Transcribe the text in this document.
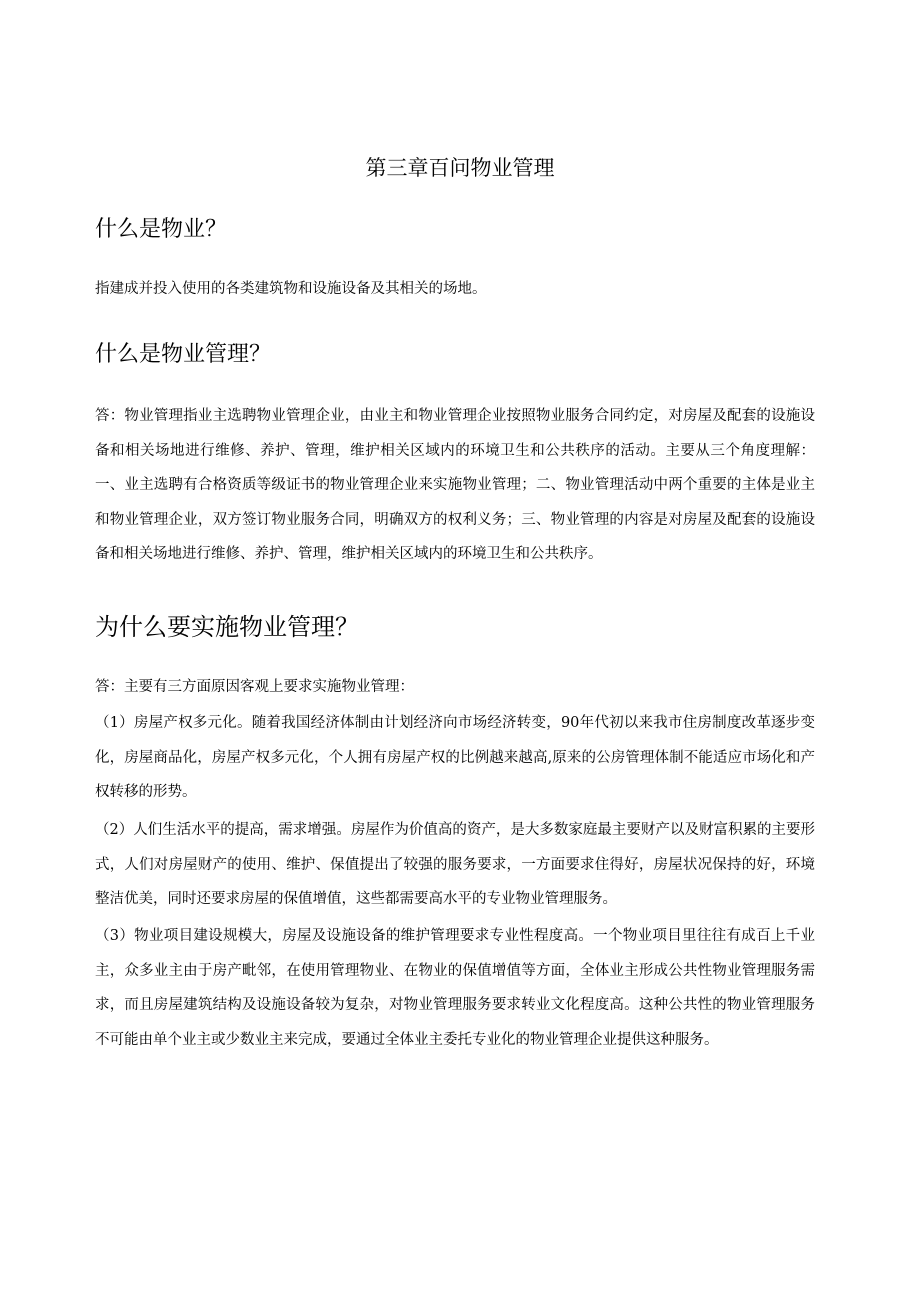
第三章百问物业管理
什么是物业？

指建成并投入使用的各类建筑物和设施设备及其相关的场地。

什么是物业管理？

答：物业管理指业主选聘物业管理企业，由业主和物业管理企业按照物业服务合同约定，对房屋及配套的设施设备和相关场地进行维修、养护、管理，维护相关区域内的环境卫生和公共秩序的活动。主要从三个角度理解：一、业主选聘有合格资质等级证书的物业管理企业来实施物业管理；二、物业管理活动中两个重要的主体是业主和物业管理企业，双方签订物业服务合同，明确双方的权利义务；三、物业管理的内容是对房屋及配套的设施设备和相关场地进行维修、养护、管理，维护相关区域内的环境卫生和公共秩序。

为什么要实施物业管理？

答：主要有三方面原因客观上要求实施物业管理：

（1）房屋产权多元化。随着我国经济体制由计划经济向市场经济转变，90年代初以来我市住房制度改革逐步变化，房屋商品化，房屋产权多元化，个人拥有房屋产权的比例越来越高,原来的公房管理体制不能适应市场化和产权转移的形势。

（2）人们生活水平的提高，需求增强。房屋作为价值高的资产，是大多数家庭最主要财产以及财富积累的主要形式，人们对房屋财产的使用、维护、保值提出了较强的服务要求，一方面要求住得好，房屋状况保持的好，环境整洁优美，同时还要求房屋的保值增值，这些都需要高水平的专业物业管理服务。

（3）物业项目建设规模大，房屋及设施设备的维护管理要求专业性程度高。一个物业项目里往往有成百上千业主，众多业主由于房产毗邻，在使用管理物业、在物业的保值增值等方面，全体业主形成公共性物业管理服务需求，而且房屋建筑结构及设施设备较为复杂，对物业管理服务要求转业文化程度高。这种公共性的物业管理服务不可能由单个业主或少数业主来完成，要通过全体业主委托专业化的物业管理企业提供这种服务。
